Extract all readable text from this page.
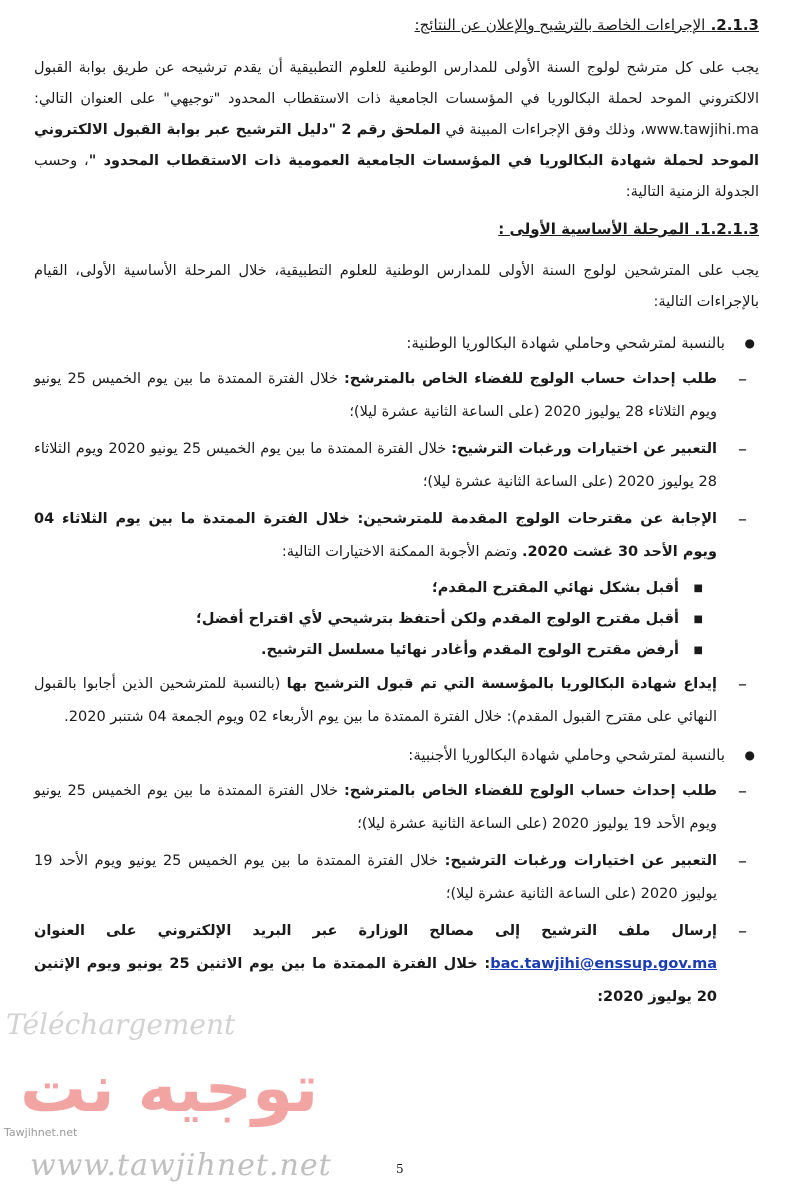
2.1.3. الإجراءات الخاصة بالترشيح والإعلان عن النتائج:

يجب على كل مترشح لولوج السنة الأولى للمدارس الوطنية للعلوم التطبيقية أن يقدم ترشيحه عن طريق بوابة القبول الالكتروني الموحد لحملة البكالوريا في المؤسسات الجامعية ذات الاستقطاب المحدود "توجيهي" على العنوان التالي: www.tawjihi.ma، وذلك وفق الإجراءات المبينة في الملحق رقم 2 "دليل الترشيح عبر بوابة القبول الالكتروني الموحد لحملة شهادة البكالوريا في المؤسسات الجامعية العمومية ذات الاستقطاب المحدود "، وحسب الجدولة الزمنية التالية:

1.2.1.3. المرحلة الأساسية الأولى :

يجب على المترشحين لولوج السنة الأولى للمدارس الوطنية للعلوم التطبيقية، خلال المرحلة الأساسية الأولى، القيام بالإجراءات التالية:

● بالنسبة لمترشحي وحاملي شهادة البكالوريا الوطنية:
– طلب إحداث حساب الولوج للفضاء الخاص بالمترشح: خلال الفترة الممتدة ما بين يوم الخميس 25 يونيو ويوم الثلاثاء 28 يوليوز 2020 (على الساعة الثانية عشرة ليلا)؛
– التعبير عن اختيارات ورغبات الترشيح: خلال الفترة الممتدة ما بين يوم الخميس 25 يونيو 2020 ويوم الثلاثاء 28 يوليوز 2020 (على الساعة الثانية عشرة ليلا)؛
– الإجابة عن مقترحات الولوج المقدمة للمترشحين: خلال الفترة الممتدة ما بين يوم الثلاثاء 04 ويوم الأحد 30 غشت 2020. وتضم الأجوبة الممكنة الاختيارات التالية:
■ أقبل بشكل نهائي المقترح المقدم؛
■ أقبل مقترح الولوج المقدم ولكن أحتفظ بترشيحي لأي اقتراح أفضل؛
■ أرفض مقترح الولوج المقدم وأغادر نهائيا مسلسل الترشيح.
– إيداع شهادة البكالوريا بالمؤسسة التي تم قبول الترشيح بها (بالنسبة للمترشحين الذين أجابوا بالقبول النهائي على مقترح القبول المقدم): خلال الفترة الممتدة ما بين يوم الأربعاء 02 ويوم الجمعة 04 شتنبر 2020.
● بالنسبة لمترشحي وحاملي شهادة البكالوريا الأجنبية:
– طلب إحداث حساب الولوج للفضاء الخاص بالمترشح: خلال الفترة الممتدة ما بين يوم الخميس 25 يونيو ويوم الأحد 19 يوليوز 2020 (على الساعة الثانية عشرة ليلا)؛
– التعبير عن اختيارات ورغبات الترشيح: خلال الفترة الممتدة ما بين يوم الخميس 25 يونيو ويوم الأحد 19 يوليوز 2020 (على الساعة الثانية عشرة ليلا)؛
– إرسال ملف الترشيح إلى مصالح الوزارة عبر البريد الإلكتروني على العنوان bac.tawjihi@enssup.gov.ma: خلال الفترة الممتدة ما بين يوم الاثنين 25 يونيو ويوم الإثنين 20 يوليوز 2020:
Téléchargement
توجيه نت
Tawjihnet.net
www.tawjihnet.net	5
